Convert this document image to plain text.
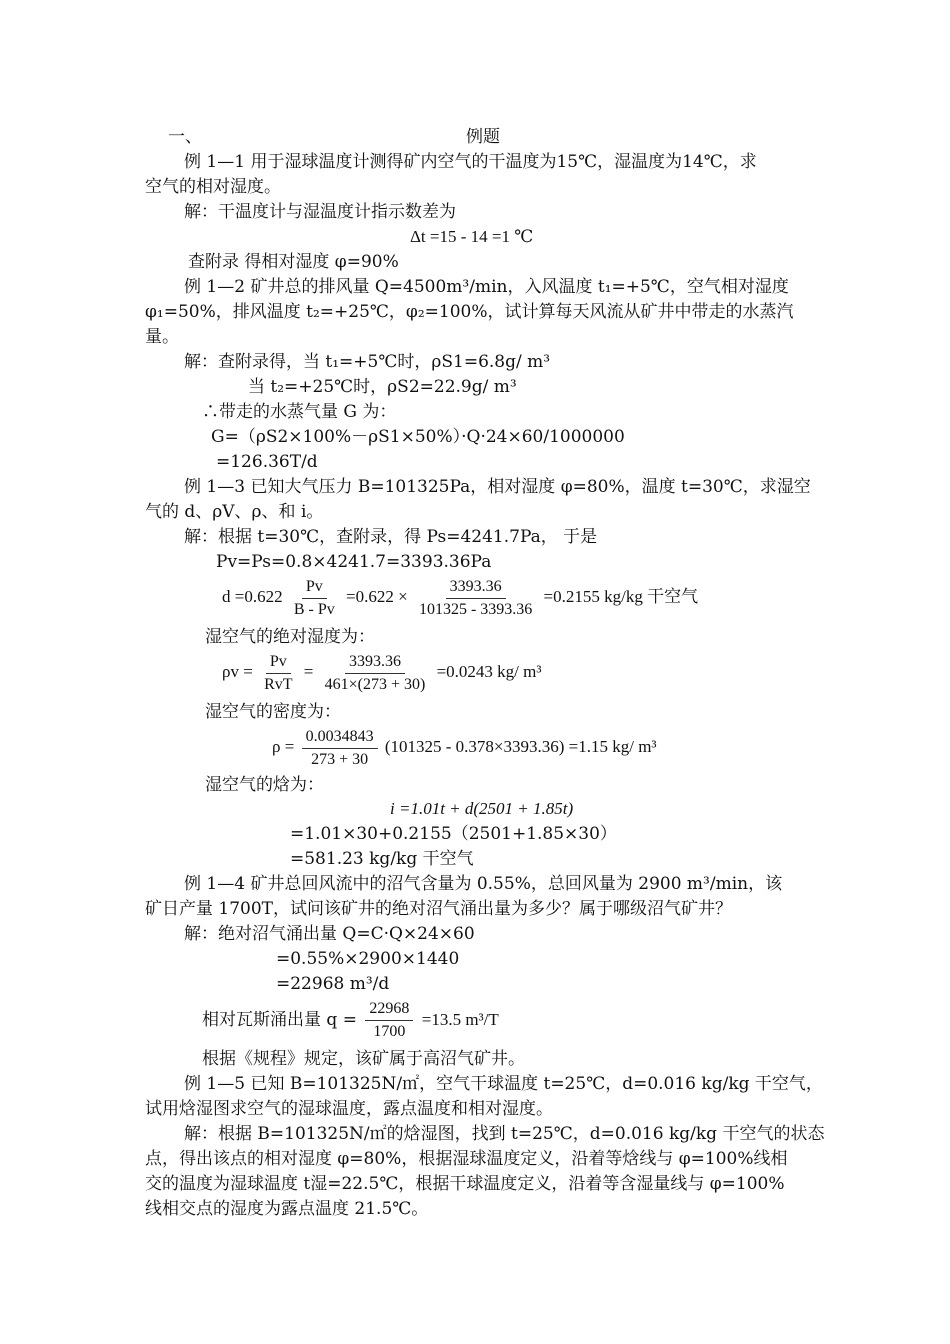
一、	例题
例 1—1 用于湿球温度计测得矿内空气的干温度为15℃，湿温度为14℃，求
空气的相对湿度。
解：干温度计与湿温度计指示数差为
Δt =15 - 14 =1 ℃
查附录 得相对湿度 φ=90%
例 1—2 矿井总的排风量 Q=4500m³/min，入风温度 t₁=+5℃，空气相对湿度
φ₁=50%，排风温度 t₂=+25℃，φ₂=100%，试计算每天风流从矿井中带走的水蒸汽
量。
解：查附录得，当 t₁=+5℃时，ρS1=6.8g/ m³
当 t₂=+25℃时，ρS2=22.9g/ m³
∴带走的水蒸气量 G 为：
G=（ρS2×100%－ρS1×50%）·Q·24×60/1000000
=126.36T/d
例 1—3 已知大气压力 B=101325Pa，相对湿度 φ=80%，温度 t=30℃，求湿空
气的 d、ρV、ρ、和 i。
解：根据 t=30℃，查附录，得 Ps=4241.7Pa， 于是
Pv=Ps=0.8×4241.7=3393.36Pa
$d =0.622 \frac{Pv}{B - Pv} =0.622 \times \frac{3393.36}{101325 - 3393.36} =0.2155$ kg/kg 干空气
湿空气的绝对湿度为：
ρv =
Pv
RvT
= $\frac{3393.36}{461\times(273 + 30)} =0.0243$ kg/ m³
湿空气的密度为：
$\rho = \frac{0.0034843}{273 + 30} (101325 - 0.378\times 3393.36) =1.15$ kg/ m³
湿空气的焓为：
i =1.01t + d(2501 + 1.85t)
=1.01×30+0.2155（2501+1.85×30）
=581.23 kg/kg 干空气
例 1—4 矿井总回风流中的沼气含量为 0.55%，总回风量为 2900 m³/min，该
矿日产量 1700T，试问该矿井的绝对沼气涌出量为多少？属于哪级沼气矿井？
解：绝对沼气涌出量 Q=C·Q×24×60
=0.55%×2900×1440
=22968 m³/d
相对瓦斯涌出量 $q = \frac{22968}{1700} =13.5$ m³/T
根据《规程》规定，该矿属于高沼气矿井。
例 1—5 已知 B=101325N/㎡，空气干球温度 t=25℃，d=0.016 kg/kg 干空气，
试用焓湿图求空气的湿球温度，露点温度和相对湿度。
解：根据 B=101325N/㎡的焓湿图，找到 t=25℃，d=0.016 kg/kg 干空气的状态
点，得出该点的相对湿度 φ=80%，根据湿球温度定义，沿着等焓线与 φ=100%线相
交的温度为湿球温度 t湿=22.5℃，根据干球温度定义，沿着等含湿量线与 φ=100%
线相交点的湿度为露点温度 21.5℃。
